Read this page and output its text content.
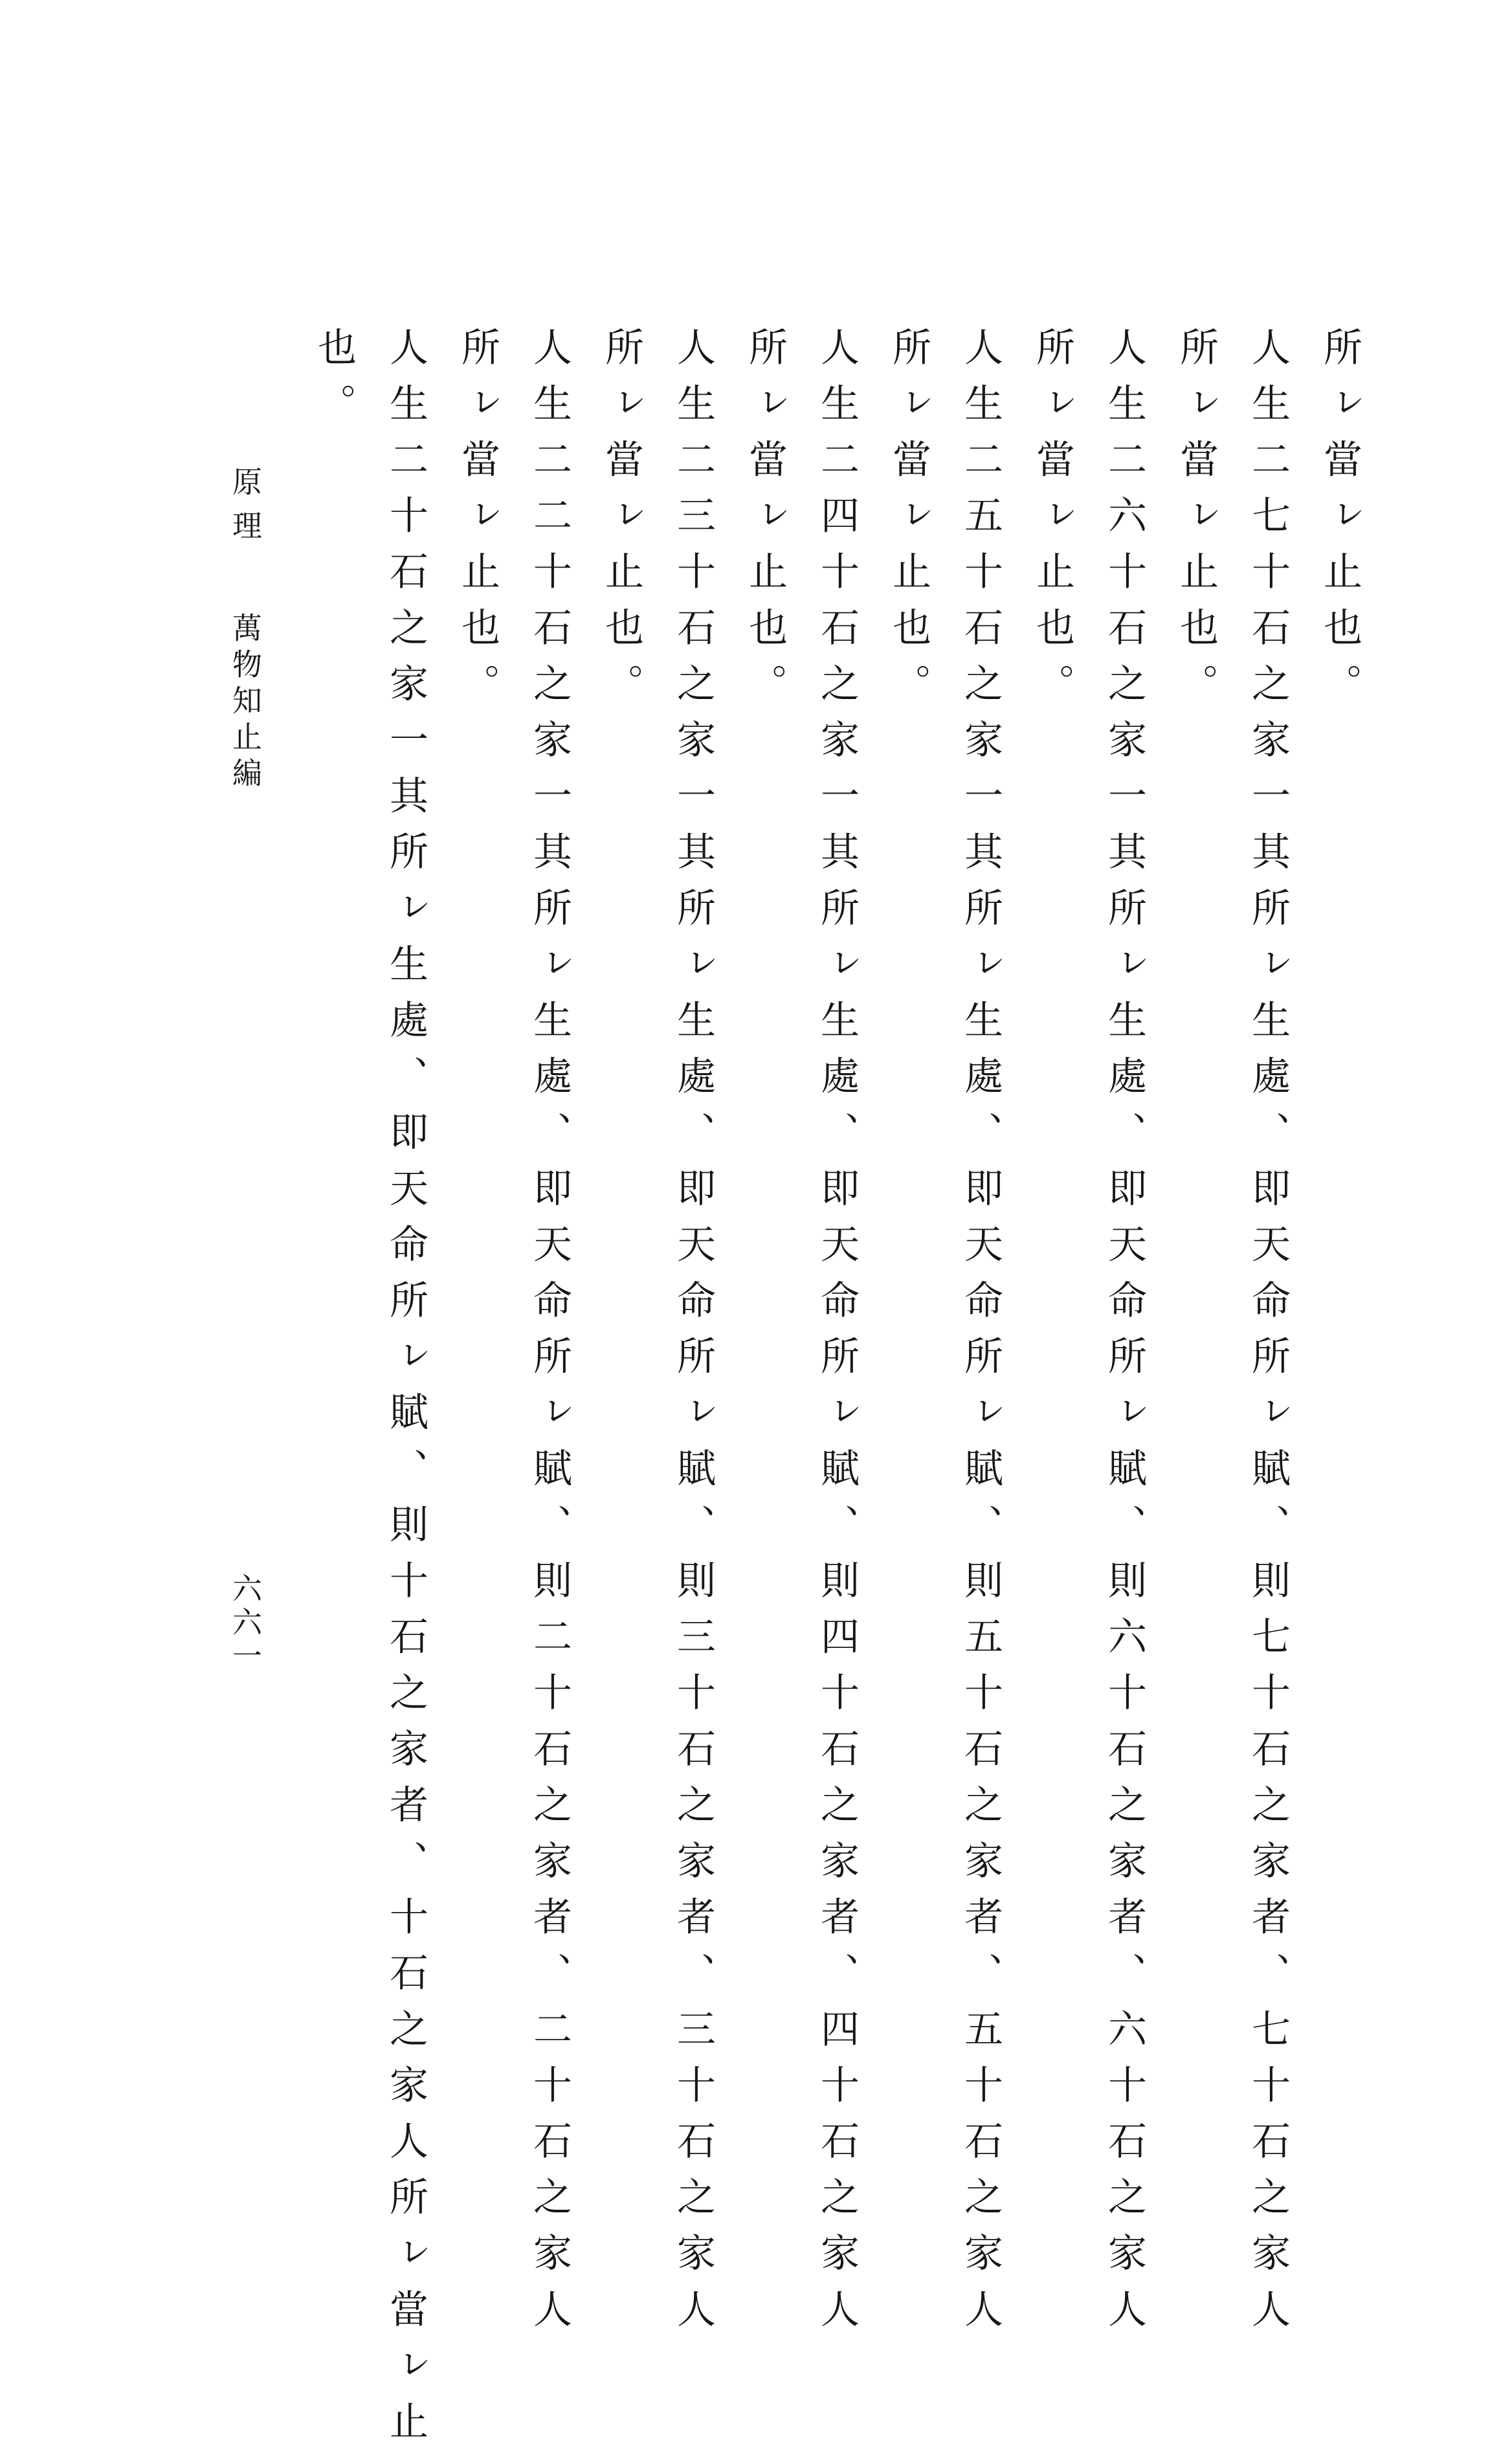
所ㇾ當ㇾ止也。
人生二七十石之家一其所ㇾ生處、即天命所ㇾ賦、則七十石之家者、七十石之家人
所ㇾ當ㇾ止也。
人生二六十石之家一其所ㇾ生處、即天命所ㇾ賦、則六十石之家者、六十石之家人
所ㇾ當ㇾ止也。
人生二五十石之家一其所ㇾ生處、即天命所ㇾ賦、則五十石之家者、五十石之家人
所ㇾ當ㇾ止也。
人生二四十石之家一其所ㇾ生處、即天命所ㇾ賦、則四十石之家者、四十石之家人
所ㇾ當ㇾ止也。
人生二三十石之家一其所ㇾ生處、即天命所ㇾ賦、則三十石之家者、三十石之家人
所ㇾ當ㇾ止也。
人生二二十石之家一其所ㇾ生處、即天命所ㇾ賦、則二十石之家者、二十石之家人
所ㇾ當ㇾ止也。
人生二十石之家一其所ㇾ生處、即天命所ㇾ賦、則十石之家者、十石之家人所ㇾ當ㇾ止
也。
原理
萬物知止編
六六一
